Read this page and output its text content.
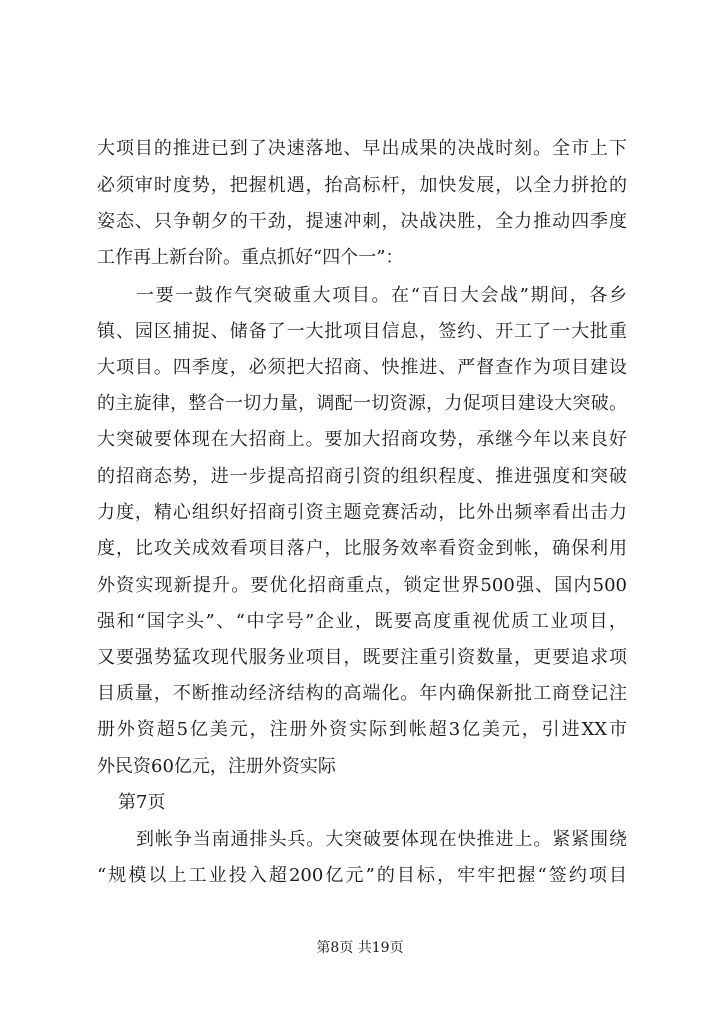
大项目的推进已到了决速落地、早出成果的决战时刻。全市上下
必须审时度势，把握机遇，抬高标杆，加快发展，以全力拼抢的
姿态、只争朝夕的干劲，提速冲刺，决战决胜，全力推动四季度
工作再上新台阶。重点抓好“四个一”：
一要一鼓作气突破重大项目。在“百日大会战”期间，各乡
镇、园区捕捉、储备了一大批项目信息，签约、开工了一大批重
大项目。四季度，必须把大招商、快推进、严督查作为项目建设
的主旋律，整合一切力量，调配一切资源，力促项目建设大突破。
大突破要体现在大招商上。要加大招商攻势，承继今年以来良好
的招商态势，进一步提高招商引资的组织程度、推进强度和突破
力度，精心组织好招商引资主题竞赛活动，比外出频率看出击力
度，比攻关成效看项目落户，比服务效率看资金到帐，确保利用
外资实现新提升。要优化招商重点，锁定世界500强、国内500
强和“国字头”、“中字号”企业，既要高度重视优质工业项目，
又要强势猛攻现代服务业项目，既要注重引资数量，更要追求项
目质量，不断推动经济结构的高端化。年内确保新批工商登记注
册外资超5亿美元，注册外资实际到帐超3亿美元，引进XX市
外民资60亿元，注册外资实际
第7页
到帐争当南通排头兵。大突破要体现在快推进上。紧紧围绕
“规模以上工业投入超200亿元”的目标，牢牢把握“签约项目
第8页 共19页
